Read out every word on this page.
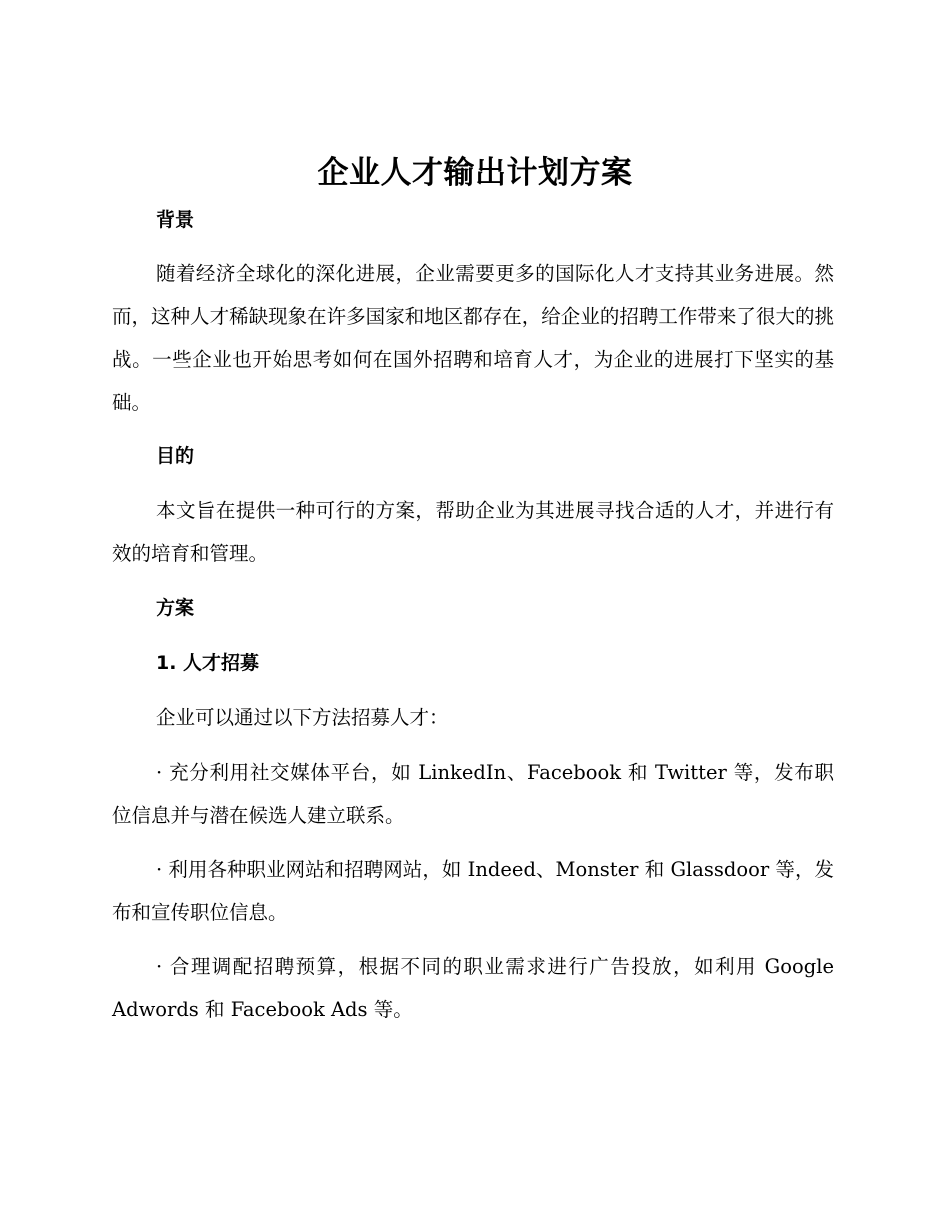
企业人才输出计划方案
背景

随着经济全球化的深化进展，企业需要更多的国际化人才支持其业务进展。然而，这种人才稀缺现象在许多国家和地区都存在，给企业的招聘工作带来了很大的挑战。一些企业也开始思考如何在国外招聘和培育人才，为企业的进展打下坚实的基础。

目的

本文旨在提供一种可行的方案，帮助企业为其进展寻找合适的人才，并进行有效的培育和管理。

方案
1. 人才招募

企业可以通过以下方法招募人才：

· 充分利用社交媒体平台，如 LinkedIn、Facebook 和 Twitter 等，发布职位信息并与潜在候选人建立联系。

· 利用各种职业网站和招聘网站，如 Indeed、Monster 和 Glassdoor 等，发布和宣传职位信息。

· 合理调配招聘预算，根据不同的职业需求进行广告投放，如利用 Google Adwords 和 Facebook Ads 等。
